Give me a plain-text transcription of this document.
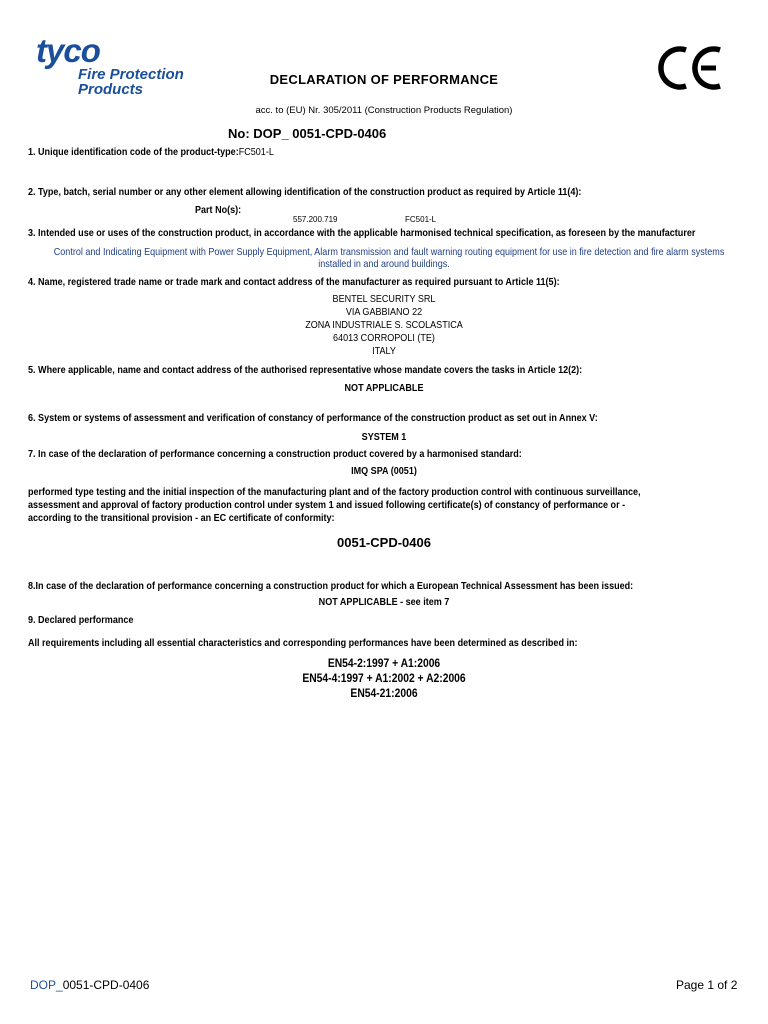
tyco
Fire Protection
Products
DECLARATION OF PERFORMANCE
acc. to (EU) Nr. 305/2011 (Construction Products Regulation)
No: DOP_ 0051-CPD-0406
1. Unique identification code of the product-type:FC501-L
2. Type, batch, serial number or any other element allowing identification of the construction product as required by Article 11(4):
Part No(s):
557.200.719	FC501-L
3. Intended use or uses of the construction product, in accordance with the applicable harmonised technical specification, as foreseen by the manufacturer
Control and Indicating Equipment with Power Supply Equipment, Alarm transmission and fault warning routing equipment for use in fire detection and fire alarm systems
installed in and around buildings.
4. Name, registered trade name or trade mark and contact address of the manufacturer as required pursuant to Article 11(5):
BENTEL SECURITY SRL
VIA GABBIANO 22
ZONA INDUSTRIALE S. SCOLASTICA
64013 CORROPOLI (TE)
ITALY
5. Where applicable, name and contact address of the authorised representative whose mandate covers the tasks in Article 12(2):
NOT APPLICABLE
6. System or systems of assessment and verification of constancy of performance of the construction product as set out in Annex V:
SYSTEM 1
7. In case of the declaration of performance concerning a construction product covered by a harmonised standard:
IMQ SPA (0051)
performed type testing and the initial inspection of the manufacturing plant and of the factory production control with continuous surveillance,
assessment and approval of factory production control under system 1 and issued following certificate(s) of constancy of performance or -
according to the transitional provision - an EC certificate of conformity:
0051-CPD-0406
8.In case of the declaration of performance concerning a construction product for which a European Technical Assessment has been issued:
NOT APPLICABLE - see item 7
9. Declared performance
All requirements including all essential characteristics and corresponding performances have been determined as described in:
EN54-2:1997 + A1:2006
EN54-4:1997 + A1:2002 + A2:2006
EN54-21:2006
DOP_0051-CPD-0406	Page 1 of 2
